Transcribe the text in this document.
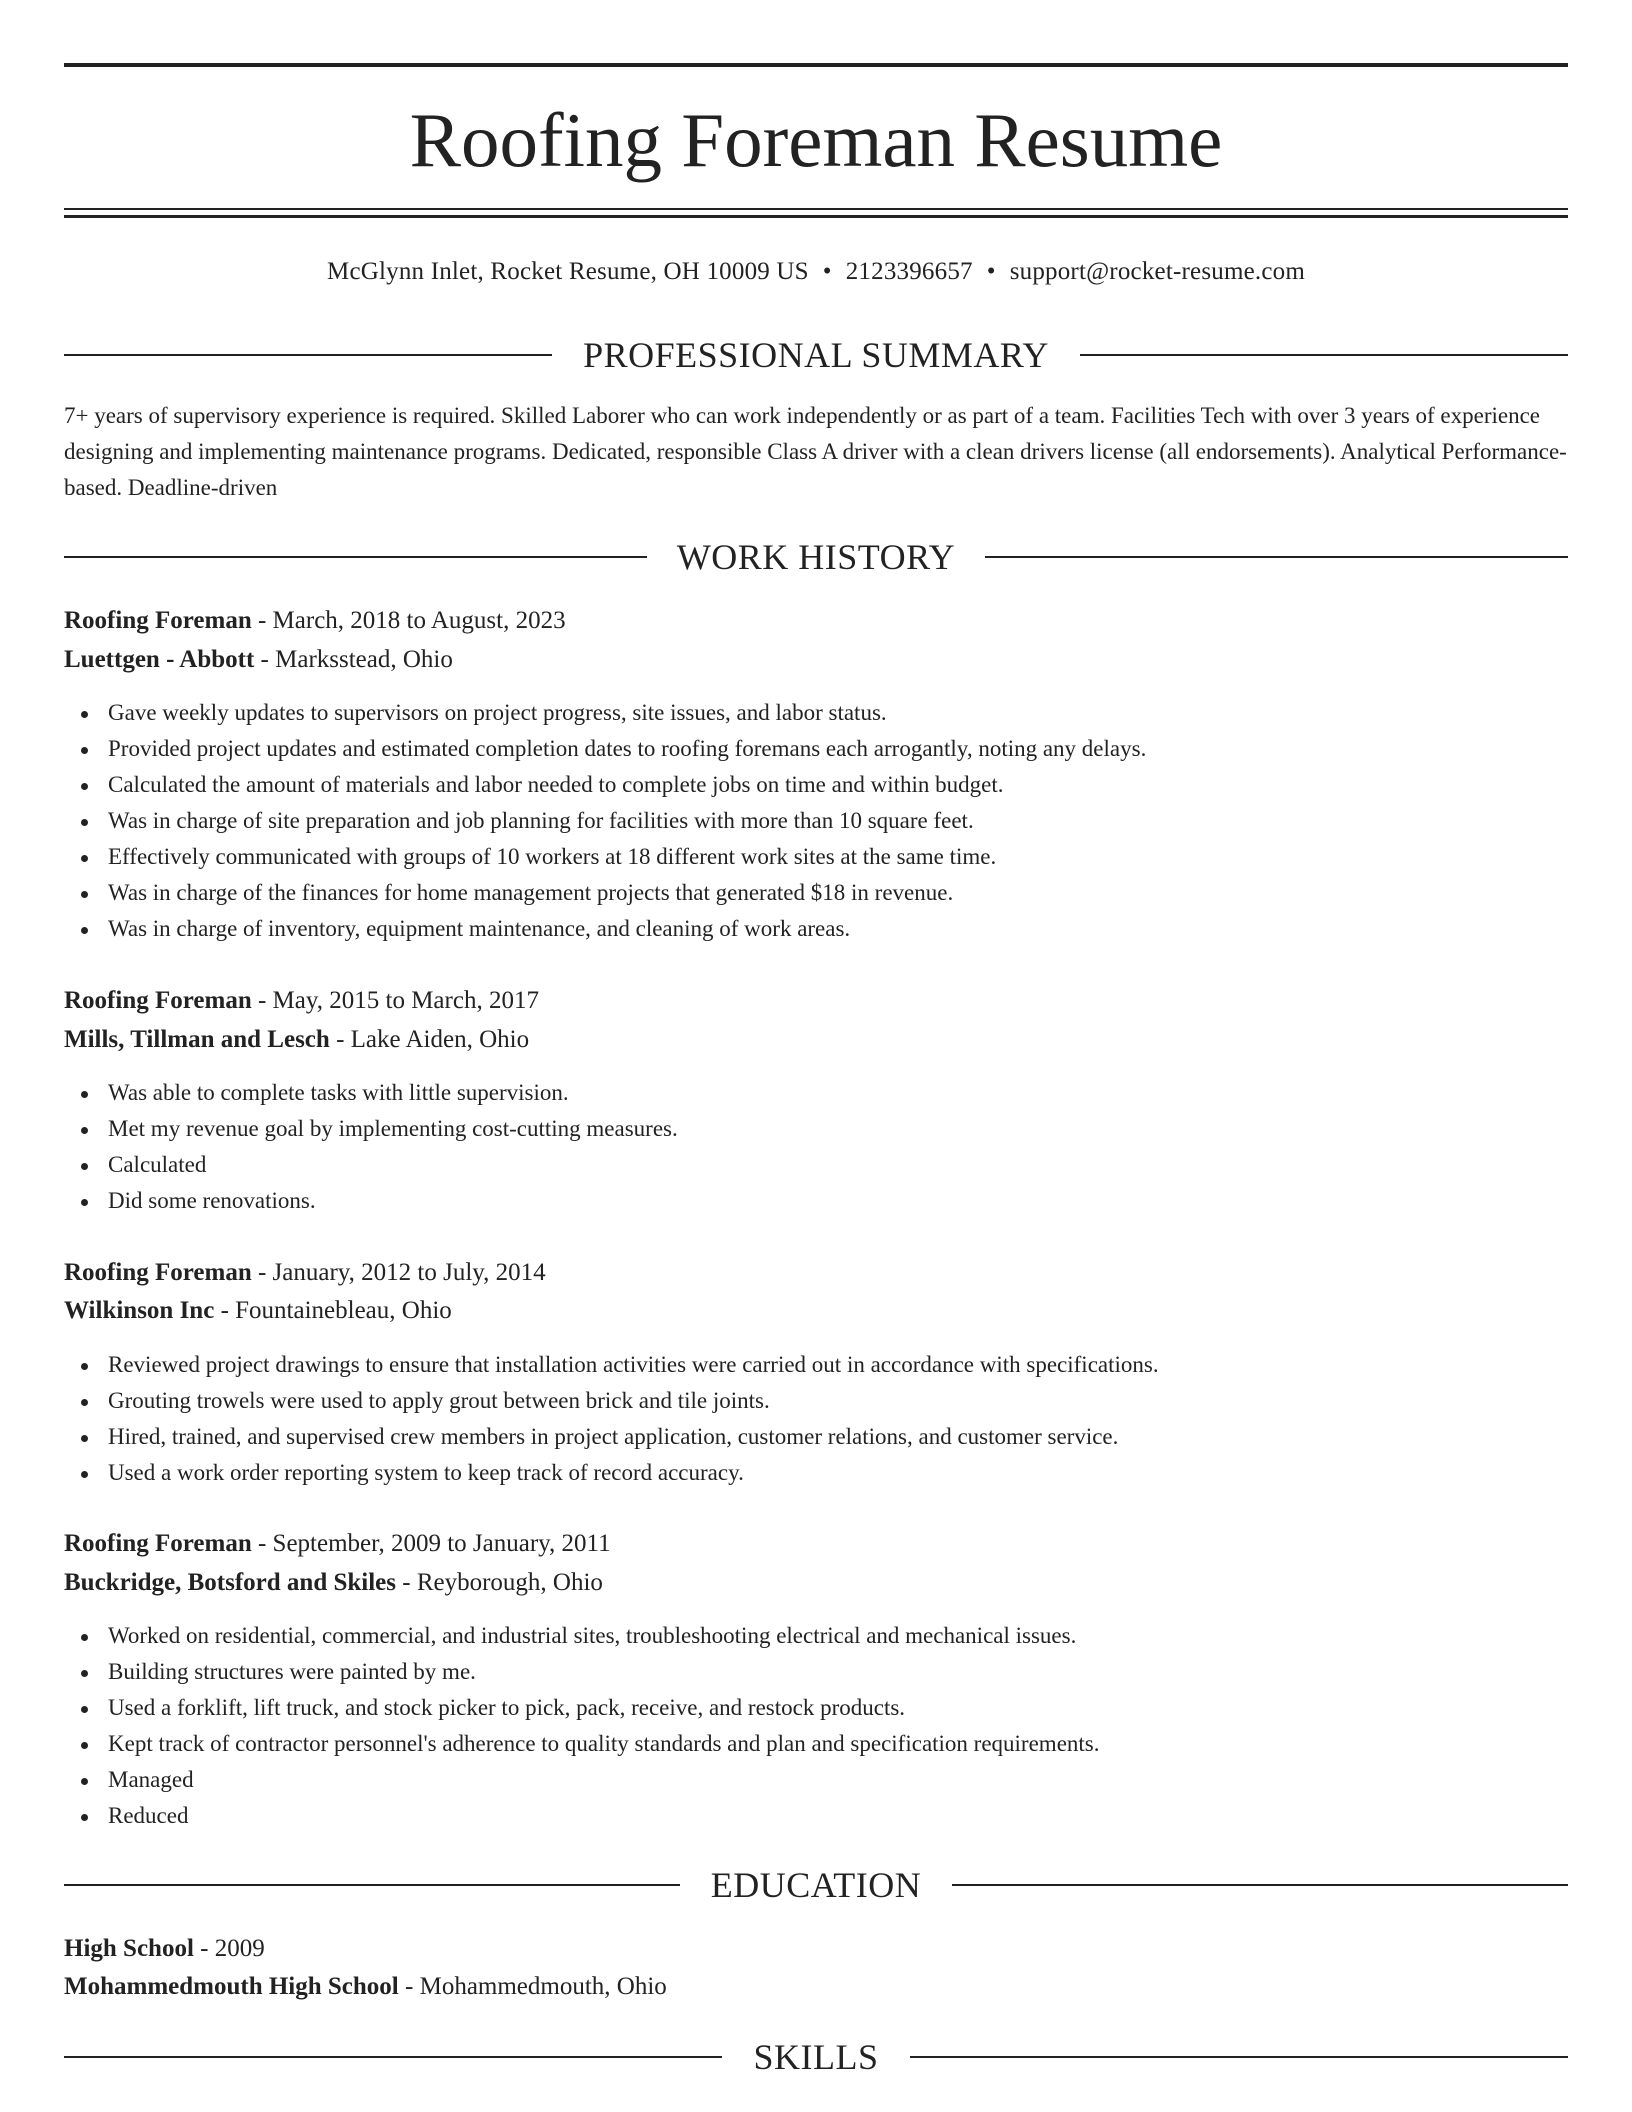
Roofing Foreman Resume
McGlynn Inlet, Rocket Resume, OH 10009 US • 2123396657 • support@rocket-resume.com
PROFESSIONAL SUMMARY

7+ years of supervisory experience is required. Skilled Laborer who can work independently or as part of a team. Facilities Tech with over 3 years of experience designing and implementing maintenance programs. Dedicated, responsible Class A driver with a clean drivers license (all endorsements). Analytical Performance-based. Deadline-driven

WORK HISTORY
Roofing Foreman - March, 2018 to August, 2023
Luettgen - Abbott - Marksstead, Ohio
Gave weekly updates to supervisors on project progress, site issues, and labor status.
Provided project updates and estimated completion dates to roofing foremans each arrogantly, noting any delays.
Calculated the amount of materials and labor needed to complete jobs on time and within budget.
Was in charge of site preparation and job planning for facilities with more than 10 square feet.
Effectively communicated with groups of 10 workers at 18 different work sites at the same time.
Was in charge of the finances for home management projects that generated $18 in revenue.
Was in charge of inventory, equipment maintenance, and cleaning of work areas.
Roofing Foreman - May, 2015 to March, 2017
Mills, Tillman and Lesch - Lake Aiden, Ohio
Was able to complete tasks with little supervision.
Met my revenue goal by implementing cost-cutting measures.
Calculated
Did some renovations.
Roofing Foreman - January, 2012 to July, 2014
Wilkinson Inc - Fountainebleau, Ohio
Reviewed project drawings to ensure that installation activities were carried out in accordance with specifications.
Grouting trowels were used to apply grout between brick and tile joints.
Hired, trained, and supervised crew members in project application, customer relations, and customer service.
Used a work order reporting system to keep track of record accuracy.
Roofing Foreman - September, 2009 to January, 2011
Buckridge, Botsford and Skiles - Reyborough, Ohio
Worked on residential, commercial, and industrial sites, troubleshooting electrical and mechanical issues.
Building structures were painted by me.
Used a forklift, lift truck, and stock picker to pick, pack, receive, and restock products.
Kept track of contractor personnel's adherence to quality standards and plan and specification requirements.
Managed
Reduced
EDUCATION
High School - 2009
Mohammedmouth High School - Mohammedmouth, Ohio
SKILLS
